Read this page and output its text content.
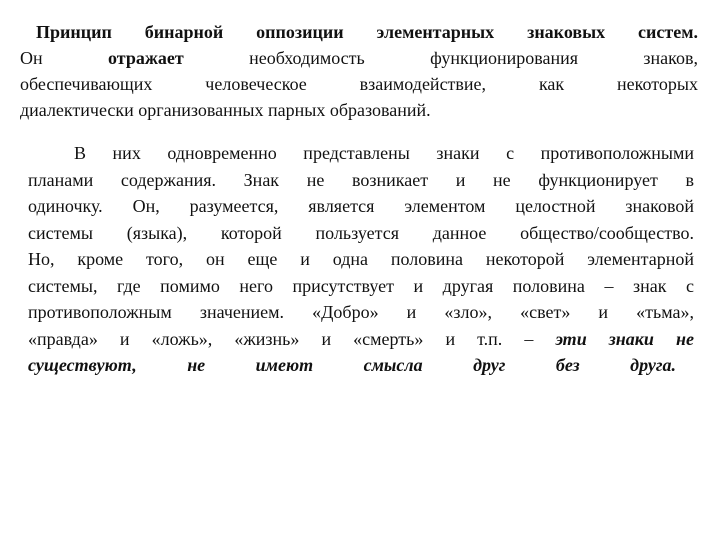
Принцип бинарной оппозиции элементарных знаковых систем.
Он	отражает	необходимость функционирования знаков,
обеспечивающих человеческое взаимодействие, как некоторых
диалектически организованных парных образований.
В них одновременно представлены знаки с противоположными
планами содержания. Знак не возникает и не функционирует в
одиночку. Он, разумеется, является элементом целостной знаковой
системы (языка), которой пользуется данное общество/сообщество.
Но, кроме того, он еще и одна половина некоторой элементарной
системы, где помимо него присутствует и другая половина – знак с
противоположным значением. «Добро» и «зло», «свет» и «тьма»,
«правда» и «ложь», «жизнь» и «смерть» и т.п. – эти знаки не
существуют, не имеют смысла друг без друга.
